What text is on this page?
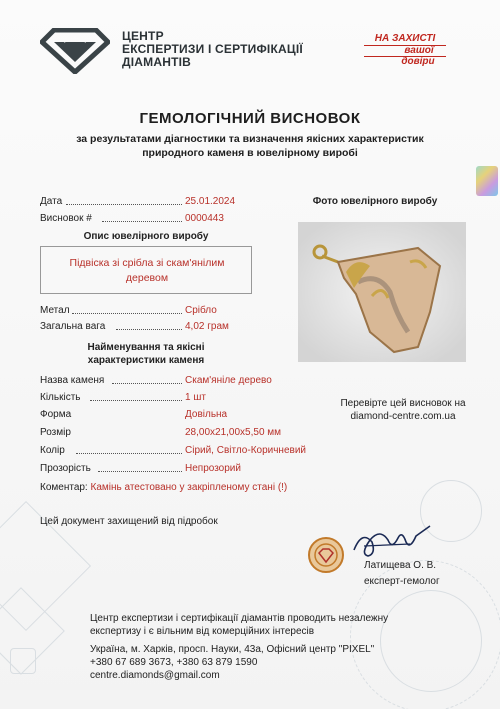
ЦЕНТР
ЕКСПЕРТИЗИ І СЕРТИФІКАЦІЇ
ДІАМАНТІВ
НА ЗАХИСТІ
вашої
довіри
ГЕМОЛОГІЧНИЙ ВИСНОВОК
за результатами діагностики та визначення якісних характеристик
природного каменя в ювелірному виробі
Дата	25.01.2024
Висновок #	0000443
Опис ювелірного виробу
Підвіска зі срібла зі скам'янілим
деревом
Метал	Срібло
Загальна вага	4,02 грам
Найменування та якісні
характеристики каменя
Назва каменя	Скам'яніле дерево
Кількість	1 шт
Форма	Довільна
Розмір	28,00х21,00х5,50 мм
Колір	Сірий, Світло-Коричневий
Прозорість	Непрозорий
Коментар: Камінь атестовано у закріпленому стані (!)
Фото ювелірного виробу
Перевірте цей висновок на
diamond-centre.com.ua
Цей документ захищений від підробок
Латищева О. В.
експерт-гемолог
Центр експертизи і сертифікації діамантів проводить незалежну
експертизу і є вільним від комерційних інтересів
Україна, м. Харків, просп. Науки, 43а, Офісний центр "PIXEL"
+380 67 689 3673, +380 63 879 1590
centre.diamonds@gmail.com
